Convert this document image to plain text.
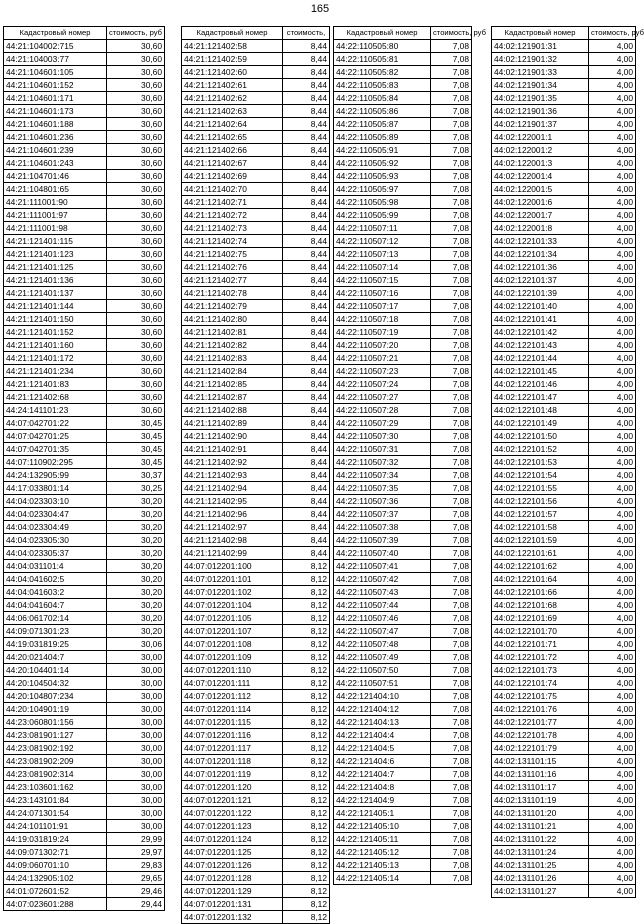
165
Кадастровый номер	стоимость, руб
44:21:104002:715	30,60
44:21:104003:77	30,60
44:21:104601:105	30,60
44:21:104601:152	30,60
44:21:104601:171	30,60
44:21:104601:173	30,60
44:21:104601:188	30,60
44:21:104601:236	30,60
44:21:104601:239	30,60
44:21:104601:243	30,60
44:21:104701:46	30,60
44:21:104801:65	30,60
44:21:111001:90	30,60
44:21:111001:97	30,60
44:21:111001:98	30,60
44:21:121401:115	30,60
44:21:121401:123	30,60
44:21:121401:125	30,60
44:21:121401:136	30,60
44:21:121401:137	30,60
44:21:121401:144	30,60
44:21:121401:150	30,60
44:21:121401:152	30,60
44:21:121401:160	30,60
44:21:121401:172	30,60
44:21:121401:234	30,60
44:21:121401:83	30,60
44:21:121402:68	30,60
44:24:141101:23	30,60
44:07:042701:22	30,45
44:07:042701:25	30,45
44:07:042701:35	30,45
44:07:110902:295	30,45
44:24:132905:99	30,37
44:17:033801:14	30,25
44:04:023303:10	30,20
44:04:023304:47	30,20
44:04:023304:49	30,20
44:04:023305:30	30,20
44:04:023305:37	30,20
44:04:031101:4	30,20
44:04:041602:5	30,20
44:04:041603:2	30,20
44:04:041604:7	30,20
44:06:061702:14	30,20
44:09:071301:23	30,20
44:19:031819:25	30,06
44:20:021404:7	30,00
44:20:104401:14	30,00
44:20:104504:32	30,00
44:20:104807:234	30,00
44:20:104901:19	30,00
44:23:060801:156	30,00
44:23:081901:127	30,00
44:23:081902:192	30,00
44:23:081902:209	30,00
44:23:081902:314	30,00
44:23:103601:162	30,00
44:23:143101:84	30,00
44:24:071301:54	30,00
44:24:101101:91	30,00
44:19:031819:24	29,99
44:09:071302:71	29,97
44:09:060701:10	29,83
44:24:132905:102	29,65
44:01:072601:52	29,46
44:07:023601:288	29,44
Кадастровый номер	стоимость,
44:21:121402:58	8,44
44:21:121402:59	8,44
44:21:121402:60	8,44
44:21:121402:61	8,44
44:21:121402:62	8,44
44:21:121402:63	8,44
44:21:121402:64	8,44
44:21:121402:65	8,44
44:21:121402:66	8,44
44:21:121402:67	8,44
44:21:121402:69	8,44
44:21:121402:70	8,44
44:21:121402:71	8,44
44:21:121402:72	8,44
44:21:121402:73	8,44
44:21:121402:74	8,44
44:21:121402:75	8,44
44:21:121402:76	8,44
44:21:121402:77	8,44
44:21:121402:78	8,44
44:21:121402:79	8,44
44:21:121402:80	8,44
44:21:121402:81	8,44
44:21:121402:82	8,44
44:21:121402:83	8,44
44:21:121402:84	8,44
44:21:121402:85	8,44
44:21:121402:87	8,44
44:21:121402:88	8,44
44:21:121402:89	8,44
44:21:121402:90	8,44
44:21:121402:91	8,44
44:21:121402:92	8,44
44:21:121402:93	8,44
44:21:121402:94	8,44
44:21:121402:95	8,44
44:21:121402:96	8,44
44:21:121402:97	8,44
44:21:121402:98	8,44
44:21:121402:99	8,44
44:07:012201:100	8,12
44:07:012201:101	8,12
44:07:012201:102	8,12
44:07:012201:104	8,12
44:07:012201:105	8,12
44:07:012201:107	8,12
44:07:012201:108	8,12
44:07:012201:109	8,12
44:07:012201:110	8,12
44:07:012201:111	8,12
44:07:012201:112	8,12
44:07:012201:114	8,12
44:07:012201:115	8,12
44:07:012201:116	8,12
44:07:012201:117	8,12
44:07:012201:118	8,12
44:07:012201:119	8,12
44:07:012201:120	8,12
44:07:012201:121	8,12
44:07:012201:122	8,12
44:07:012201:123	8,12
44:07:012201:124	8,12
44:07:012201:125	8,12
44:07:012201:126	8,12
44:07:012201:128	8,12
44:07:012201:129	8,12
44:07:012201:131	8,12
44:07:012201:132	8,12
Кадастровый номер	стоимость, руб
44:22:110505:80	7,08
44:22:110505:81	7,08
44:22:110505:82	7,08
44:22:110505:83	7,08
44:22:110505:84	7,08
44:22:110505:86	7,08
44:22:110505:87	7,08
44:22:110505:89	7,08
44:22:110505:91	7,08
44:22:110505:92	7,08
44:22:110505:93	7,08
44:22:110505:97	7,08
44:22:110505:98	7,08
44:22:110505:99	7,08
44:22:110507:11	7,08
44:22:110507:12	7,08
44:22:110507:13	7,08
44:22:110507:14	7,08
44:22:110507:15	7,08
44:22:110507:16	7,08
44:22:110507:17	7,08
44:22:110507:18	7,08
44:22:110507:19	7,08
44:22:110507:20	7,08
44:22:110507:21	7,08
44:22:110507:23	7,08
44:22:110507:24	7,08
44:22:110507:27	7,08
44:22:110507:28	7,08
44:22:110507:29	7,08
44:22:110507:30	7,08
44:22:110507:31	7,08
44:22:110507:32	7,08
44:22:110507:34	7,08
44:22:110507:35	7,08
44:22:110507:36	7,08
44:22:110507:37	7,08
44:22:110507:38	7,08
44:22:110507:39	7,08
44:22:110507:40	7,08
44:22:110507:41	7,08
44:22:110507:42	7,08
44:22:110507:43	7,08
44:22:110507:44	7,08
44:22:110507:46	7,08
44:22:110507:47	7,08
44:22:110507:48	7,08
44:22:110507:49	7,08
44:22:110507:50	7,08
44:22:110507:51	7,08
44:22:121404:10	7,08
44:22:121404:12	7,08
44:22:121404:13	7,08
44:22:121404:4	7,08
44:22:121404:5	7,08
44:22:121404:6	7,08
44:22:121404:7	7,08
44:22:121404:8	7,08
44:22:121404:9	7,08
44:22:121405:1	7,08
44:22:121405:10	7,08
44:22:121405:11	7,08
44:22:121405:12	7,08
44:22:121405:13	7,08
44:22:121405:14	7,08
Кадастровый номер	стоимость, руб
44:02:121901:31	4,00
44:02:121901:32	4,00
44:02:121901:33	4,00
44:02:121901:34	4,00
44:02:121901:35	4,00
44:02:121901:36	4,00
44:02:121901:37	4,00
44:02:122001:1	4,00
44:02:122001:2	4,00
44:02:122001:3	4,00
44:02:122001:4	4,00
44:02:122001:5	4,00
44:02:122001:6	4,00
44:02:122001:7	4,00
44:02:122001:8	4,00
44:02:122101:33	4,00
44:02:122101:34	4,00
44:02:122101:36	4,00
44:02:122101:37	4,00
44:02:122101:39	4,00
44:02:122101:40	4,00
44:02:122101:41	4,00
44:02:122101:42	4,00
44:02:122101:43	4,00
44:02:122101:44	4,00
44:02:122101:45	4,00
44:02:122101:46	4,00
44:02:122101:47	4,00
44:02:122101:48	4,00
44:02:122101:49	4,00
44:02:122101:50	4,00
44:02:122101:52	4,00
44:02:122101:53	4,00
44:02:122101:54	4,00
44:02:122101:55	4,00
44:02:122101:56	4,00
44:02:122101:57	4,00
44:02:122101:58	4,00
44:02:122101:59	4,00
44:02:122101:61	4,00
44:02:122101:62	4,00
44:02:122101:64	4,00
44:02:122101:66	4,00
44:02:122101:68	4,00
44:02:122101:69	4,00
44:02:122101:70	4,00
44:02:122101:71	4,00
44:02:122101:72	4,00
44:02:122101:73	4,00
44:02:122101:74	4,00
44:02:122101:75	4,00
44:02:122101:76	4,00
44:02:122101:77	4,00
44:02:122101:78	4,00
44:02:122101:79	4,00
44:02:131101:15	4,00
44:02:131101:16	4,00
44:02:131101:17	4,00
44:02:131101:19	4,00
44:02:131101:20	4,00
44:02:131101:21	4,00
44:02:131101:22	4,00
44:02:131101:24	4,00
44:02:131101:25	4,00
44:02:131101:26	4,00
44:02:131101:27	4,00
